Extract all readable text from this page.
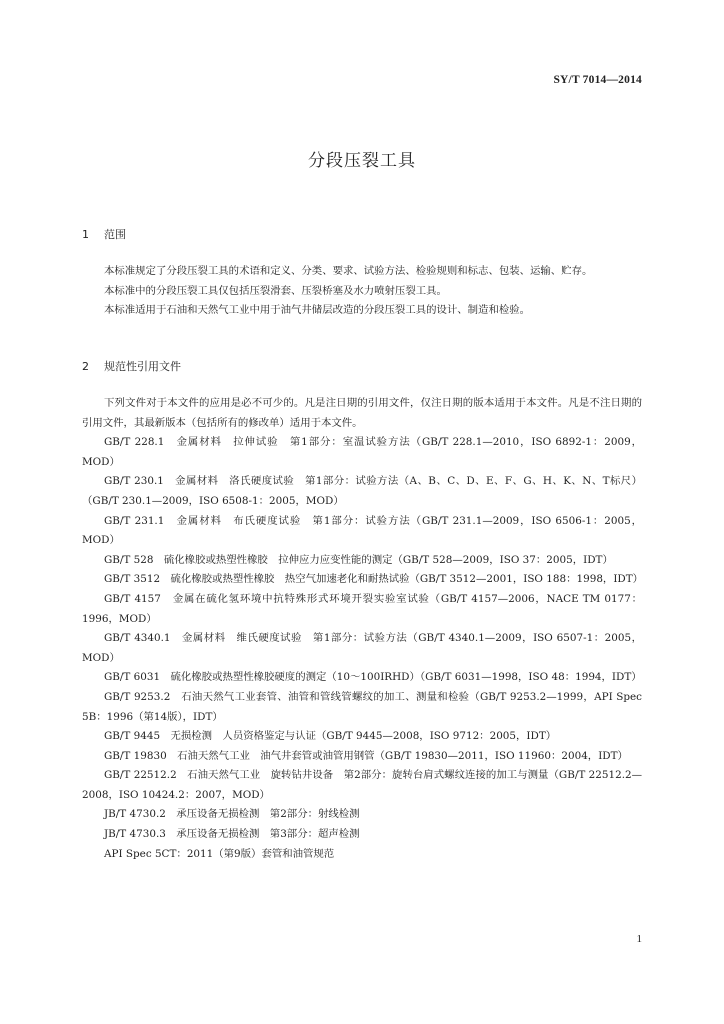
SY/T 7014—2014
分段压裂工具
1 范围

本标准规定了分段压裂工具的术语和定义、分类、要求、试验方法、检验规则和标志、包装、运输、贮存。

本标准中的分段压裂工具仅包括压裂滑套、压裂桥塞及水力喷射压裂工具。

本标准适用于石油和天然气工业中用于油气井储层改造的分段压裂工具的设计、制造和检验。

2 规范性引用文件

下列文件对于本文件的应用是必不可少的。凡是注日期的引用文件，仅注日期的版本适用于本文件。凡是不注日期的引用文件，其最新版本（包括所有的修改单）适用于本文件。

GB/T 228.1　金属材料　拉伸试验　第1部分：室温试验方法（GB/T 228.1—2010，ISO 6892-1：2009，MOD）

GB/T 230.1　金属材料　洛氏硬度试验　第1部分：试验方法（A、B、C、D、E、F、G、H、K、N、T标尺）（GB/T 230.1—2009，ISO 6508-1：2005，MOD）

GB/T 231.1　金属材料　布氏硬度试验　第1部分：试验方法（GB/T 231.1—2009，ISO 6506-1：2005，MOD）

GB/T 528　硫化橡胶或热塑性橡胶　拉伸应力应变性能的测定（GB/T 528—2009，ISO 37：2005，IDT）

GB/T 3512　硫化橡胶或热塑性橡胶　热空气加速老化和耐热试验（GB/T 3512—2001，ISO 188：1998，IDT）

GB/T 4157　金属在硫化氢环境中抗特殊形式环境开裂实验室试验（GB/T 4157—2006，NACE TM 0177：1996，MOD）

GB/T 4340.1　金属材料　维氏硬度试验　第1部分：试验方法（GB/T 4340.1—2009，ISO 6507-1：2005，MOD）

GB/T 6031　硫化橡胶或热塑性橡胶硬度的测定（10～100IRHD）（GB/T 6031—1998，ISO 48：1994，IDT）

GB/T 9253.2　石油天然气工业套管、油管和管线管螺纹的加工、测量和检验（GB/T 9253.2—1999，API Spec 5B：1996（第14版），IDT）

GB/T 9445　无损检测　人员资格鉴定与认证（GB/T 9445—2008，ISO 9712：2005，IDT）

GB/T 19830　石油天然气工业　油气井套管或油管用钢管（GB/T 19830—2011，ISO 11960：2004，IDT）

GB/T 22512.2　石油天然气工业　旋转钻井设备　第2部分：旋转台肩式螺纹连接的加工与测量（GB/T 22512.2—2008，ISO 10424.2：2007，MOD）

JB/T 4730.2　承压设备无损检测　第2部分：射线检测

JB/T 4730.3　承压设备无损检测　第3部分：超声检测

API Spec 5CT：2011（第9版）套管和油管规范

1
